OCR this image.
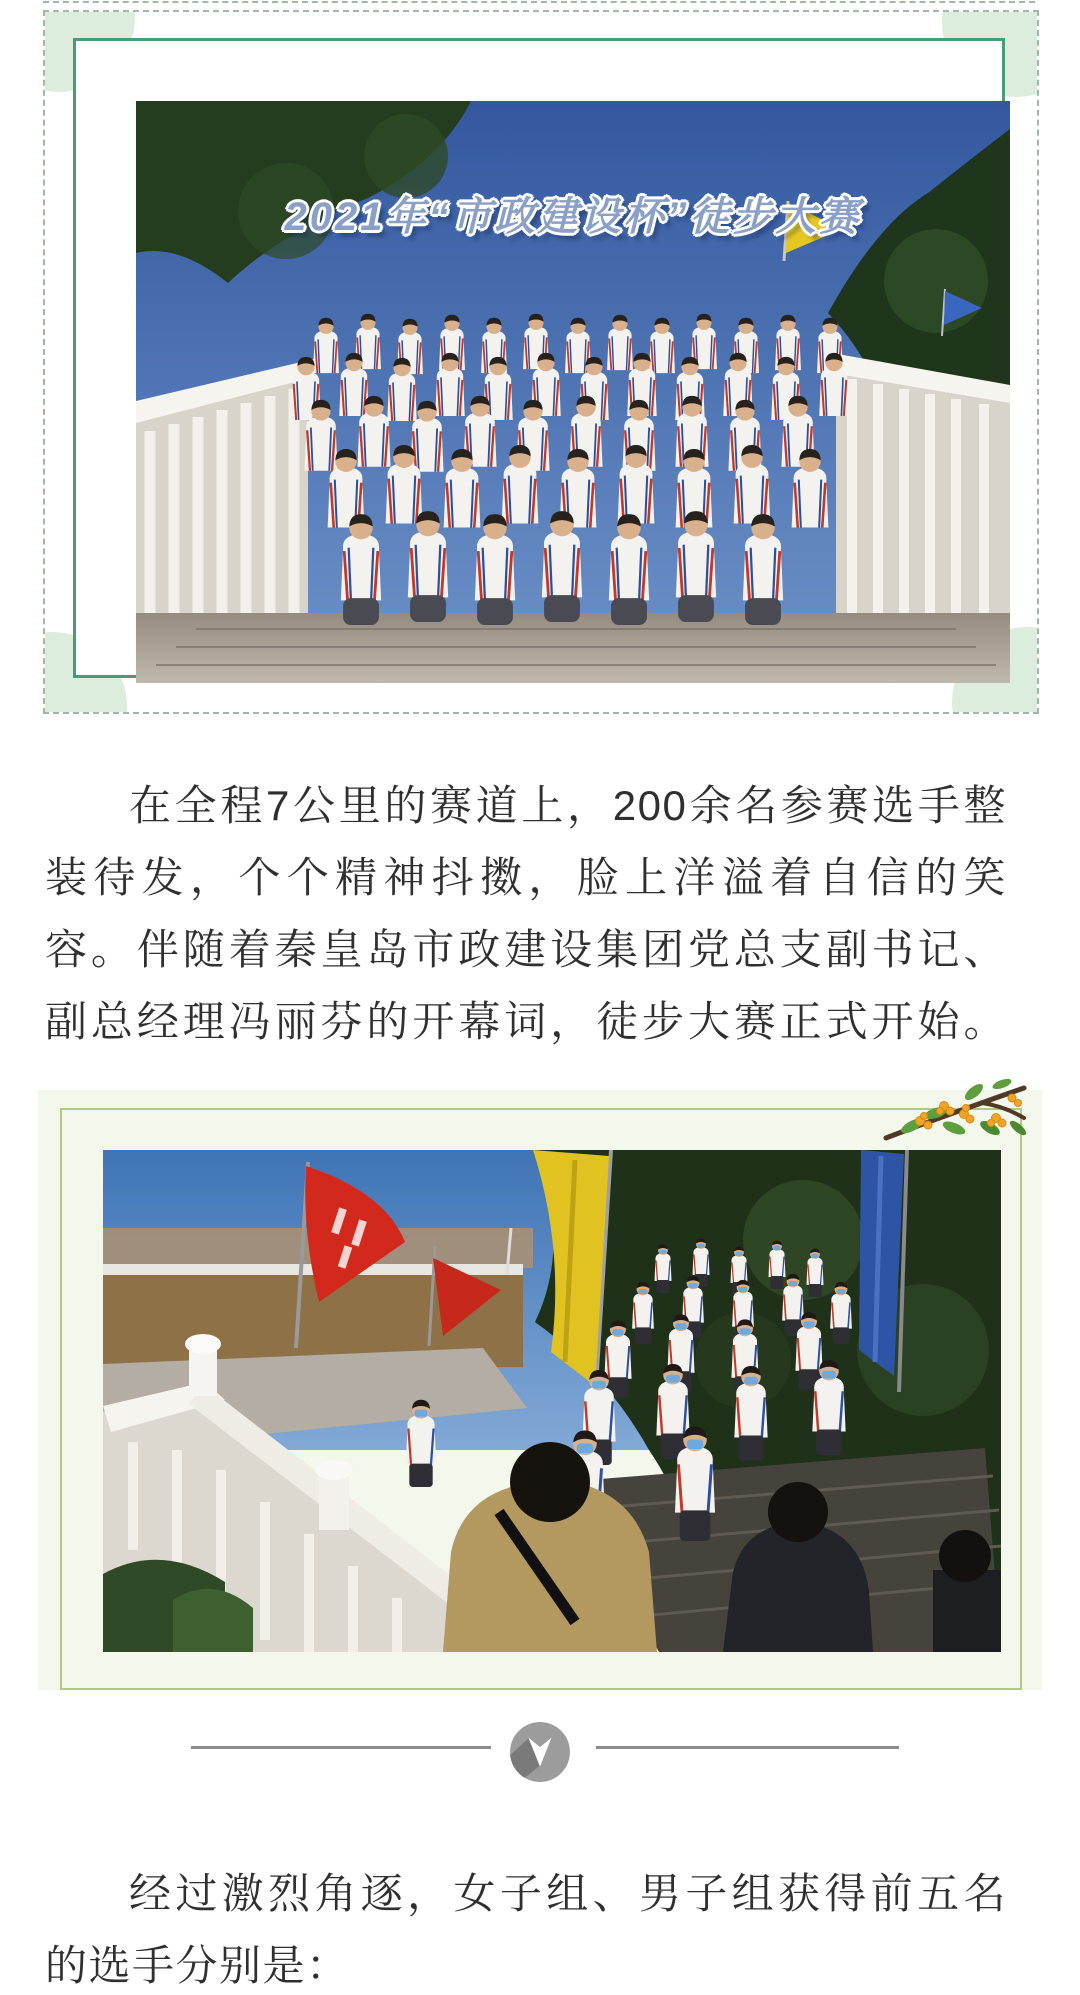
2021年“市政建设杯”徒步大赛
在全程7公里的赛道上，200余名参赛选手整
装待发，个个精神抖擞，脸上洋溢着自信的笑
容。伴随着秦皇岛市政建设集团党总支副书记、
副总经理冯丽芬的开幕词，徒步大赛正式开始。
经过激烈角逐，女子组、男子组获得前五名
的选手分别是：
